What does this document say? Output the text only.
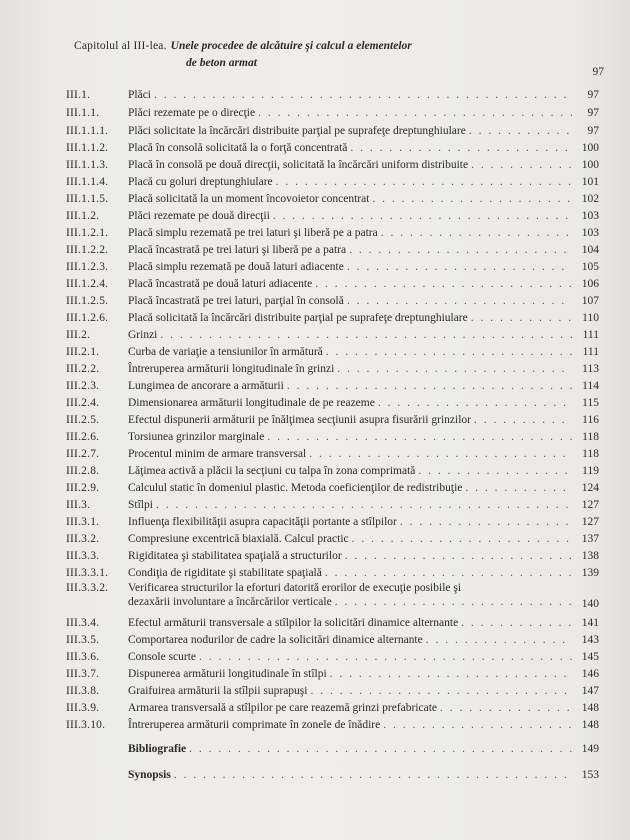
Capitolul al III-lea. Unele procedee de alcătuire şi calcul a elementelor
de beton armat
97
III.1.	Plăci . . .	97
III.1.1.	Plăci rezemate pe o direcţie . . .	97
III.1.1.1.	Plăci solicitate la încărcări distribuite parţial pe suprafeţe dreptunghiulare . . .	97
III.1.1.2.	Placă în consolă solicitată la o forţă concentrată . . .	100
III.1.1.3.	Placă în consolă pe două direcţii, solicitată la încărcări uniform distribuite . . .	100
III.1.1.4.	Placă cu goluri dreptunghiulare . . .	101
III.1.1.5.	Placă solicitată la un moment încovoietor concentrat . . .	102
III.1.2.	Plăci rezemate pe două direcţii . . .	103
III.1.2.1.	Placă simplu rezemată pe trei laturi şi liberă pe a patra . . .	103
III.1.2.2.	Placă încastrată pe trei laturi şi liberă pe a patra . . .	104
III.1.2.3.	Placă simplu rezemată pe două laturi adiacente . . .	105
III.1.2.4.	Placă încastrată pe două laturi adiacente . . .	106
III.1.2.5.	Placă încastrată pe trei laturi, parţial în consolă . . .	107
III.1.2.6.	Placă solicitată la încărcări distribuite parţial pe suprafeţe dreptunghiulare . . .	110
III.2.	Grinzi . . .	111
III.2.1.	Curba de variaţie a tensiunilor în armătură . . .	111
III.2.2.	Întreruperea armăturii longitudinale în grinzi . . .	113
III.2.3.	Lungimea de ancorare a armăturii . . .	114
III.2.4.	Dimensionarea armăturii longitudinale de pe reazeme . . .	115
III.2.5.	Efectul dispunerii armăturii pe înălţimea secţiunii asupra fisurării grinzilor . . .	116
III.2.6.	Torsiunea grinzilor marginale . . .	118
III.2.7.	Procentul minim de armare transversal . . .	118
III.2.8.	Lăţimea activă a plăcii la secţiuni cu talpa în zona comprimată . . .	119
III.2.9.	Calculul static în domeniul plastic. Metoda coeficienţilor de redistribuţie . . .	124
III.3.	Stîlpi . . .	127
III.3.1.	Influenţa flexibilităţii asupra capacităţii portante a stîlpilor . . .	127
III.3.2.	Compresiune excentrică biaxială. Calcul practic . . .	137
III.3.3.	Rigiditatea şi stabilitatea spaţială a structurilor . . .	138
III.3.3.1.	Condiţia de rigiditate şi stabilitate spaţială . . .	139
III.3.3.2.	Verificarea structurilor la eforturi datorită erorilor de execuţie posibile şi
dezaxării involuntare a încărcărilor verticale . . .	140
III.3.4.	Efectul armăturii transversale a stîlpilor la solicitări dinamice alternante . . .	141
III.3.5.	Comportarea nodurilor de cadre la solicitări dinamice alternante . . .	143
III.3.6.	Console scurte . . .	145
III.3.7.	Dispunerea armăturii longitudinale în stîlpi . . .	146
III.3.8.	Graifuirea armăturii la stîlpii suprapuşi . . .	147
III.3.9.	Armarea transversală a stîlpilor pe care reazemă grinzi prefabricate . . .	148
III.3.10.	Întreruperea armăturii comprimate în zonele de înădire . . .	148
Bibliografie . . .	149
Synopsis . . .	153
